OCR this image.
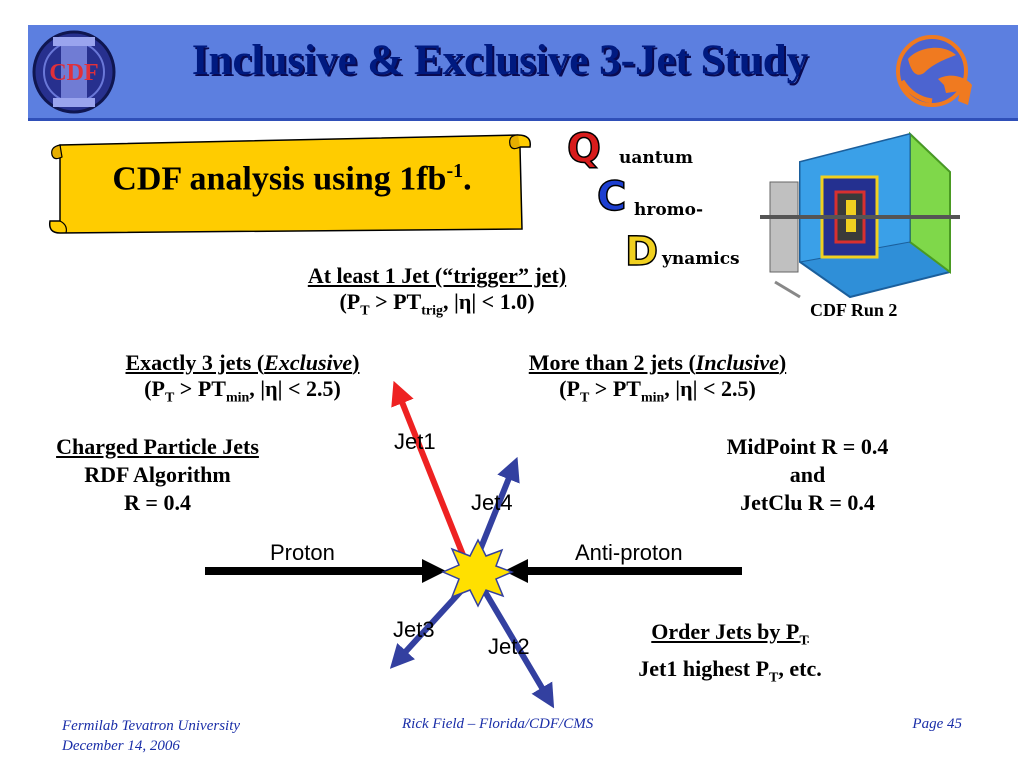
CDF	Inclusive & Exclusive 3-Jet Study
CDF analysis using $1fb^{-1}$.
Q
C
D
uantum
hromo-
ynamics
CDF Run 2
At least 1 Jet (“trigger” jet)
($P_T > PT_{trig}$, |η| < 1.0)
Exactly 3 jets (Exclusive)
($P_T > PT_{min}$, |η| < 2.5)
More than 2 jets (Inclusive)
($P_T > PT_{min}$, |η| < 2.5)
Charged Particle Jets
RDF Algorithm
R = 0.4
MidPoint R = 0.4
and
JetClu R = 0.4
Jet1
Jet4
Jet3
Jet2
Proton	Anti-proton
Order Jets by $P_T$
Jet1 highest $P_T$, etc.
Fermilab Tevatron University
December 14, 2006
Rick Field – Florida/CDF/CMS	Page 45
